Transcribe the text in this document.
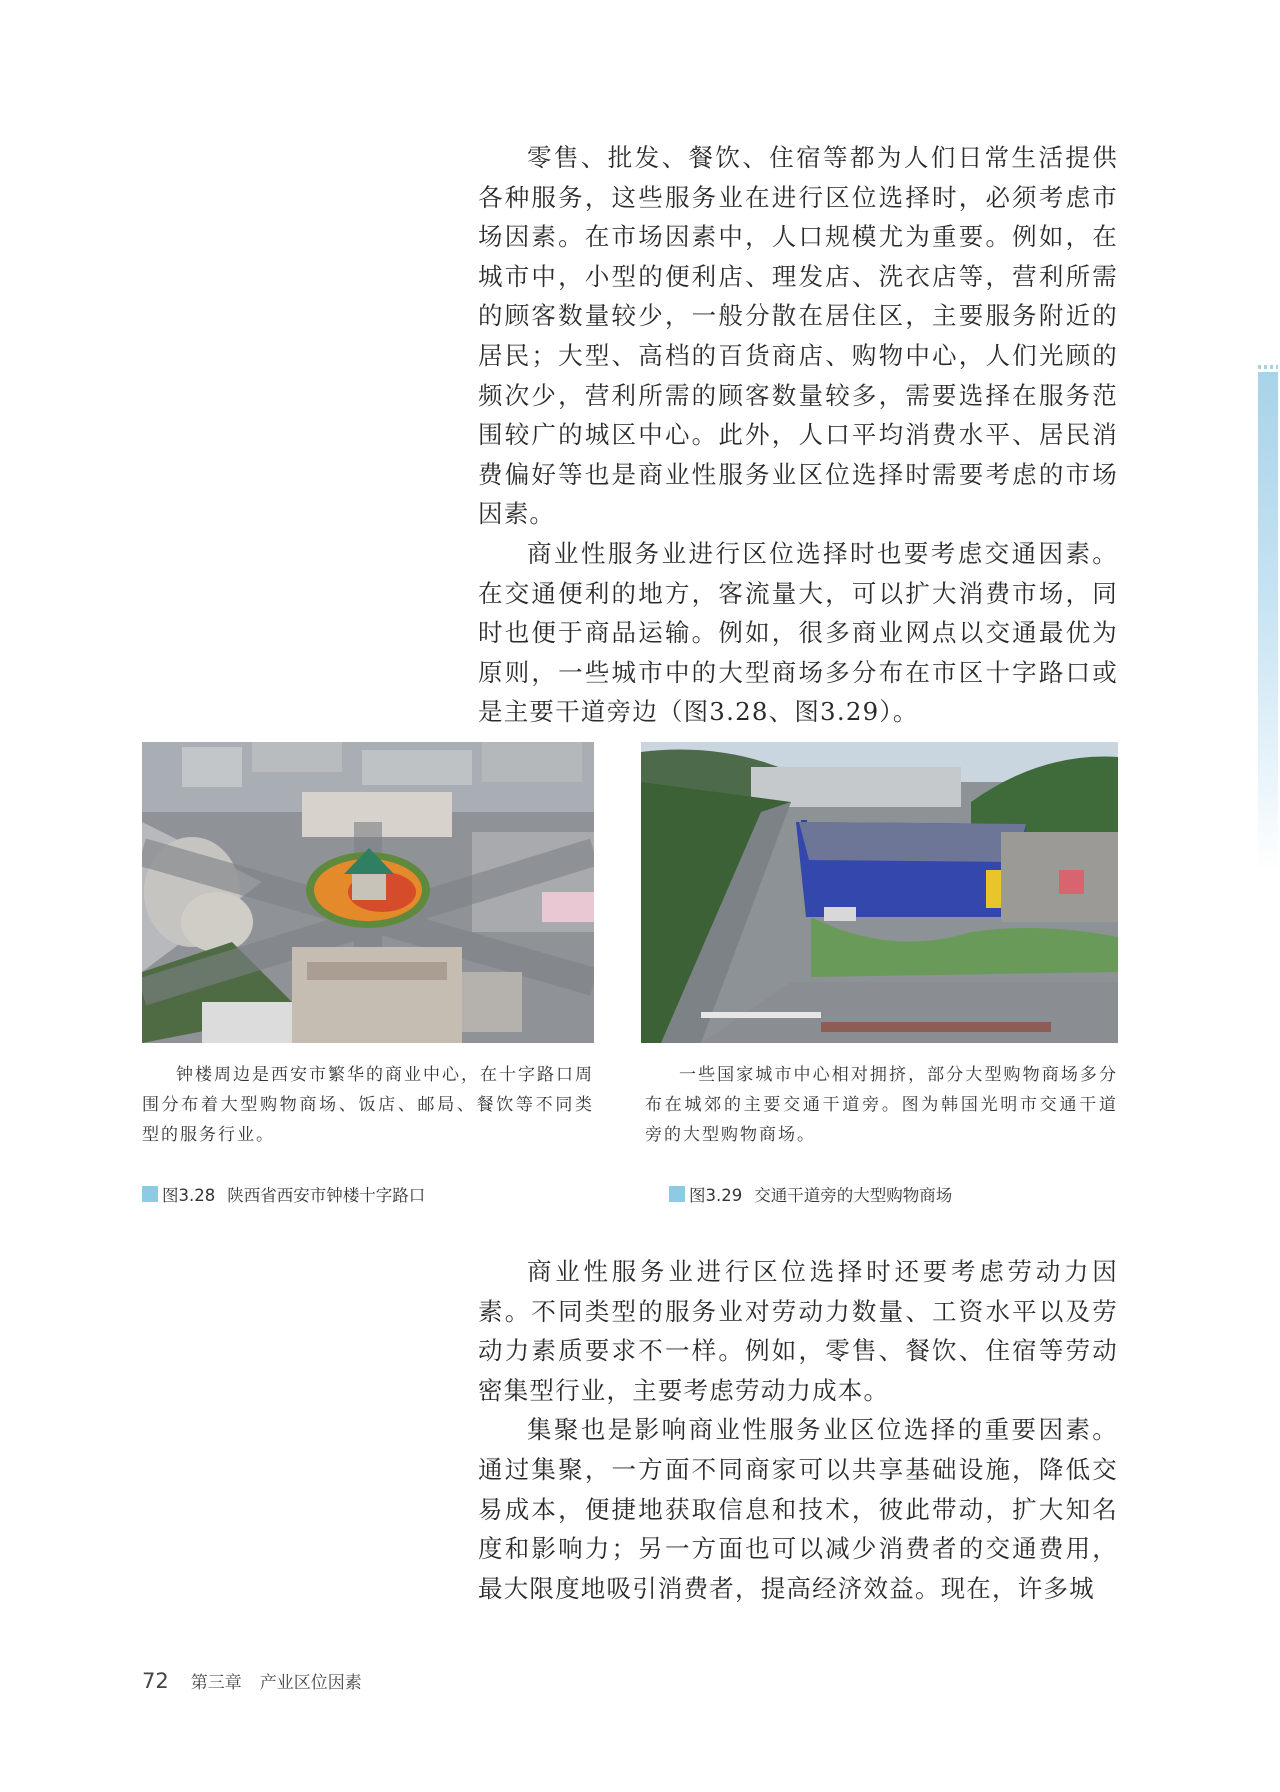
零售、批发、餐饮、住宿等都为人们日常生活提供各种服务，这些服务业在进行区位选择时，必须考虑市场因素。在市场因素中，人口规模尤为重要。例如，在城市中，小型的便利店、理发店、洗衣店等，营利所需的顾客数量较少，一般分散在居住区，主要服务附近的居民；大型、高档的百货商店、购物中心，人们光顾的频次少，营利所需的顾客数量较多，需要选择在服务范围较广的城区中心。此外，人口平均消费水平、居民消费偏好等也是商业性服务业区位选择时需要考虑的市场因素。

商业性服务业进行区位选择时也要考虑交通因素。在交通便利的地方，客流量大，可以扩大消费市场，同时也便于商品运输。例如，很多商业网点以交通最优为原则，一些城市中的大型商场多分布在市区十字路口或是主要干道旁边（图3.28、图3.29）。

钟楼周边是西安市繁华的商业中心，在十字路口周围分布着大型购物商场、饭店、邮局、餐饮等不同类型的服务行业。
图3.28 陕西省西安市钟楼十字路口
一些国家城市中心相对拥挤，部分大型购物商场多分布在城郊的主要交通干道旁。图为韩国光明市交通干道旁的大型购物商场。
图3.29 交通干道旁的大型购物商场

商业性服务业进行区位选择时还要考虑劳动力因素。不同类型的服务业对劳动力数量、工资水平以及劳动力素质要求不一样。例如，零售、餐饮、住宿等劳动密集型行业，主要考虑劳动力成本。

集聚也是影响商业性服务业区位选择的重要因素。通过集聚，一方面不同商家可以共享基础设施，降低交易成本，便捷地获取信息和技术，彼此带动，扩大知名度和影响力；另一方面也可以减少消费者的交通费用，最大限度地吸引消费者，提高经济效益。现在，许多城

72 第三章 产业区位因素
